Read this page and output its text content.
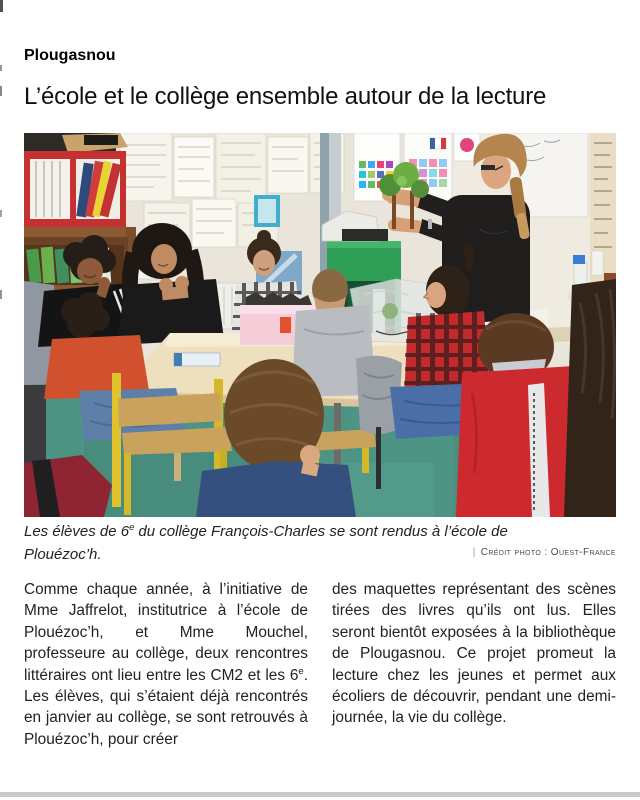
Plougasnou
L’école et le collège ensemble autour de la lecture
Les élèves de 6e du collège François-Charles se sont rendus à l’école de Plouézoc’h.	| Crédit photo : Ouest-France
Comme chaque année, à l’initiative de Mme Jaffrelot, institutrice à l’école de Plouézoc’h, et Mme Mouchel, professeure au collège, deux rencontres littéraires ont lieu entre les CM2 et les 6e. Les élèves, qui s’étaient déjà rencontrés en janvier au collège, se sont retrouvés à Plouézoc’h, pour créer
des maquettes représentant des scènes tirées des livres qu’ils ont lus. Elles seront bientôt exposées à la bibliothèque de Plougasnou. Ce projet promeut la lecture chez les jeunes et permet aux écoliers de découvrir, pendant une demi-journée, la vie du collège.
